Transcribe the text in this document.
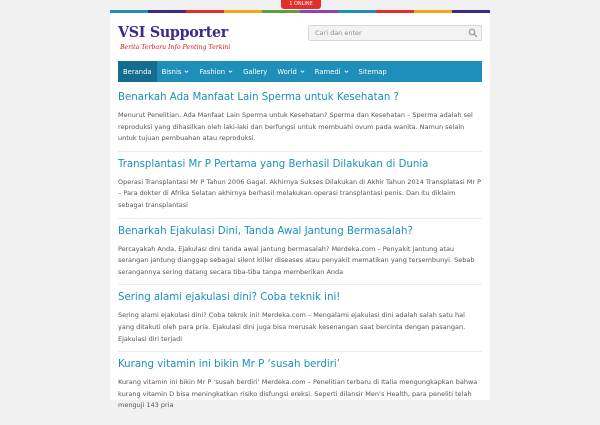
1 ONLINE
VSI Supporter
Berita Terbaru Info Penting Terkini
Cari dan enter
Beranda Bisnis	Fashion	Gallery World	Ramedi	Sitemap
Benarkah Ada Manfaat Lain Sperma untuk Kesehatan ?
Menurut Penelitian, Ada Manfaat Lain Sperma untuk Kesehatan? Sperma dan Kesehatan – Sperma adalah sel reproduksi yang dihasilkan oleh laki-laki dan berfungsi untuk membuahi ovum pada wanita. Namun selain untuk tujuan pembuahan atau reproduksi.
Transplantasi Mr P Pertama yang Berhasil Dilakukan di Dunia
Operasi Transplantasi Mr P Tahun 2006 Gagal. Akhirnya Sukses Dilakukan di Akhir Tahun 2014 Transplatasi Mr P – Para dokter di Afrika Selatan akhirnya berhasil melakukan operasi transplantasi penis. Dan itu diklaim sebagai transplantasi
Benarkah Ejakulasi Dini, Tanda Awal Jantung Bermasalah?
Percayakah Anda, Ejakulasi dini tanda awal jantung bermasalah? Merdeka.com – Penyakit jantung atau serangan jantung dianggap sebagai silent killer diseases atau penyakit mematikan yang tersembunyi. Sebab serangannya sering datang secara tiba-tiba tanpa memberikan Anda
Sering alami ejakulasi dini? Coba teknik ini!
Sering alami ejakulasi dini? Coba teknik ini! Merdeka.com – Mengalami ejakulasi dini adalah salah satu hal yang ditakuti oleh para pria. Ejakulasi dini juga bisa merusak kesenangan saat bercinta dengan pasangan. Ejakulasi diri terjadi
Kurang vitamin ini bikin Mr P ‘susah berdiri’
Kurang vitamin ini bikin Mr P ‘susah berdiri’ Merdeka.com – Penelitian terbaru di Italia mengungkapkan bahwa kurang vitamin D bisa meningkatkan risiko disfungsi ereksi. Seperti dilansir Men’s Health, para peneliti telah menguji 143 pria
